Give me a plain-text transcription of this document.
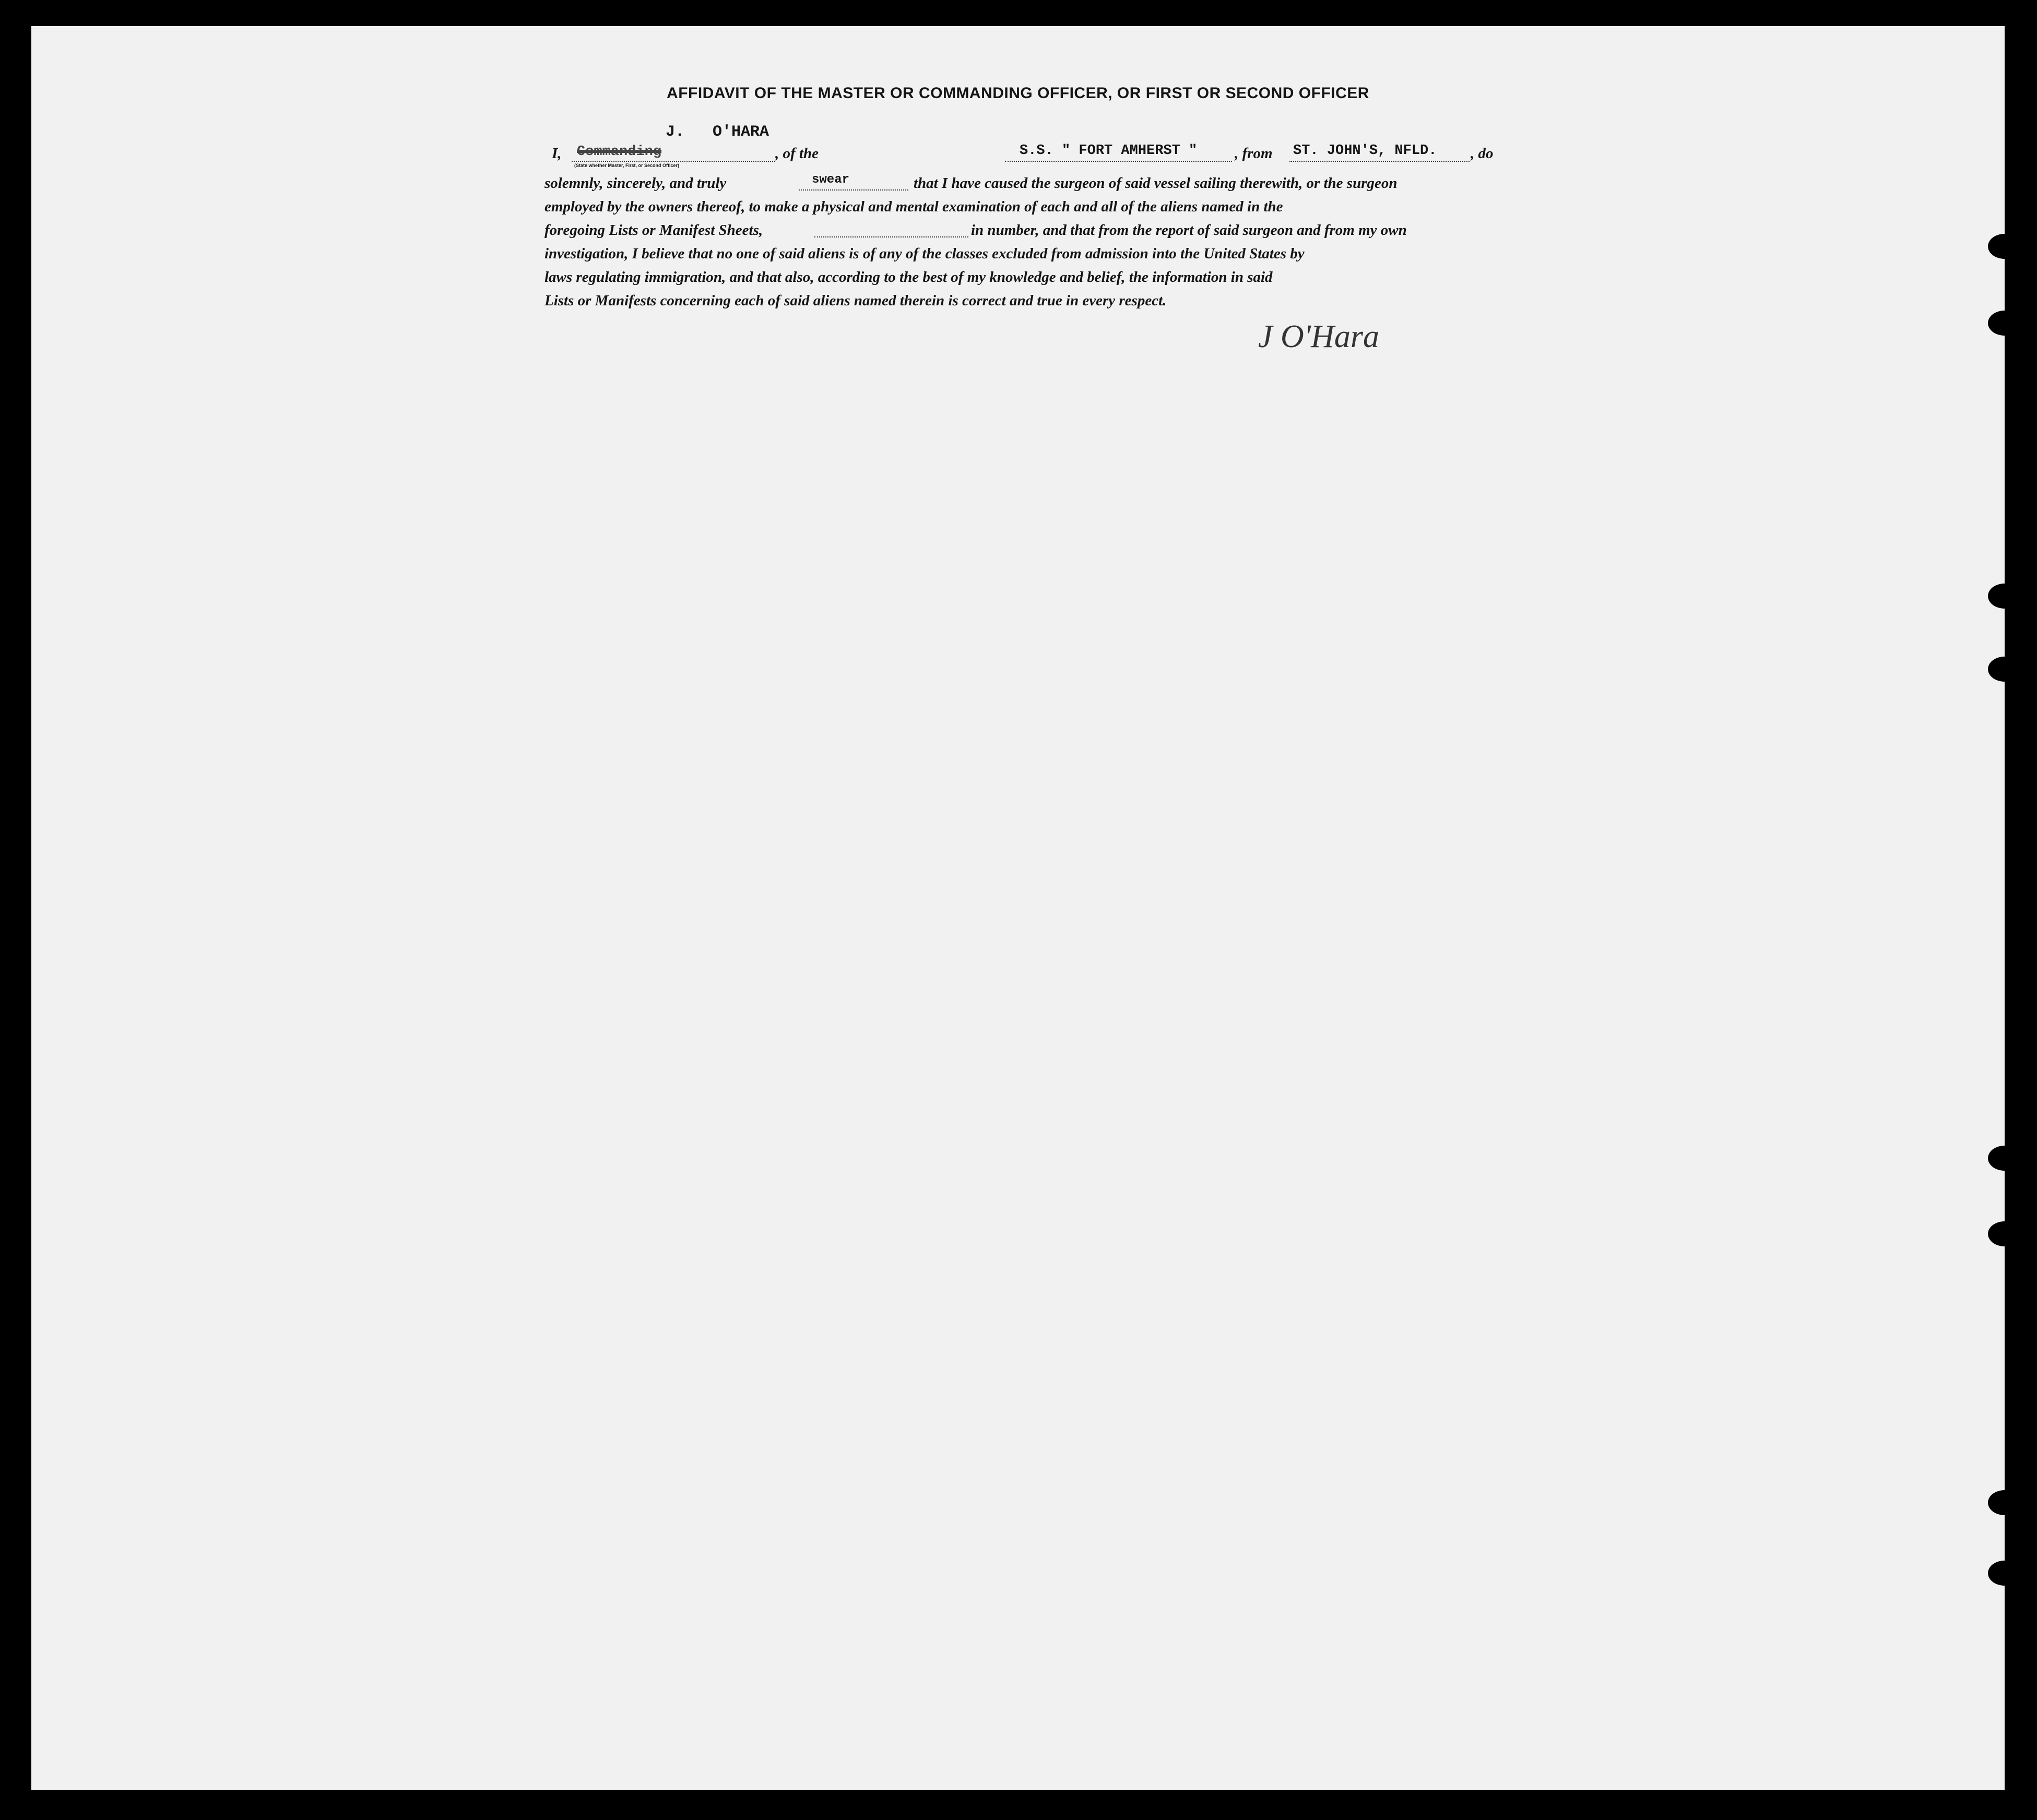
AFFIDAVIT OF THE MASTER OR COMMANDING OFFICER, OR FIRST OR SECOND OFFICER
I,
J.   O'HARA
Commanding
(State whether Master, First, or Second Officer)
, of the	S.S. " FORT AMHERST " , from ST. JOHN'S, NFLD. , do
solemnly, sincerely, and truly	swear	that I have caused the surgeon of said vessel sailing therewith, or the surgeon
employed by the owners thereof, to make a physical and mental examination of each and all of the aliens named in the
foregoing Lists or Manifest Sheets,	in number, and that from the report of said surgeon and from my own
investigation, I believe that no one of said aliens is of any of the classes excluded from admission into the United States by
laws regulating immigration, and that also, according to the best of my knowledge and belief, the information in said
Lists or Manifests concerning each of said aliens named therein is correct and true in every respect.
J O'Hara
